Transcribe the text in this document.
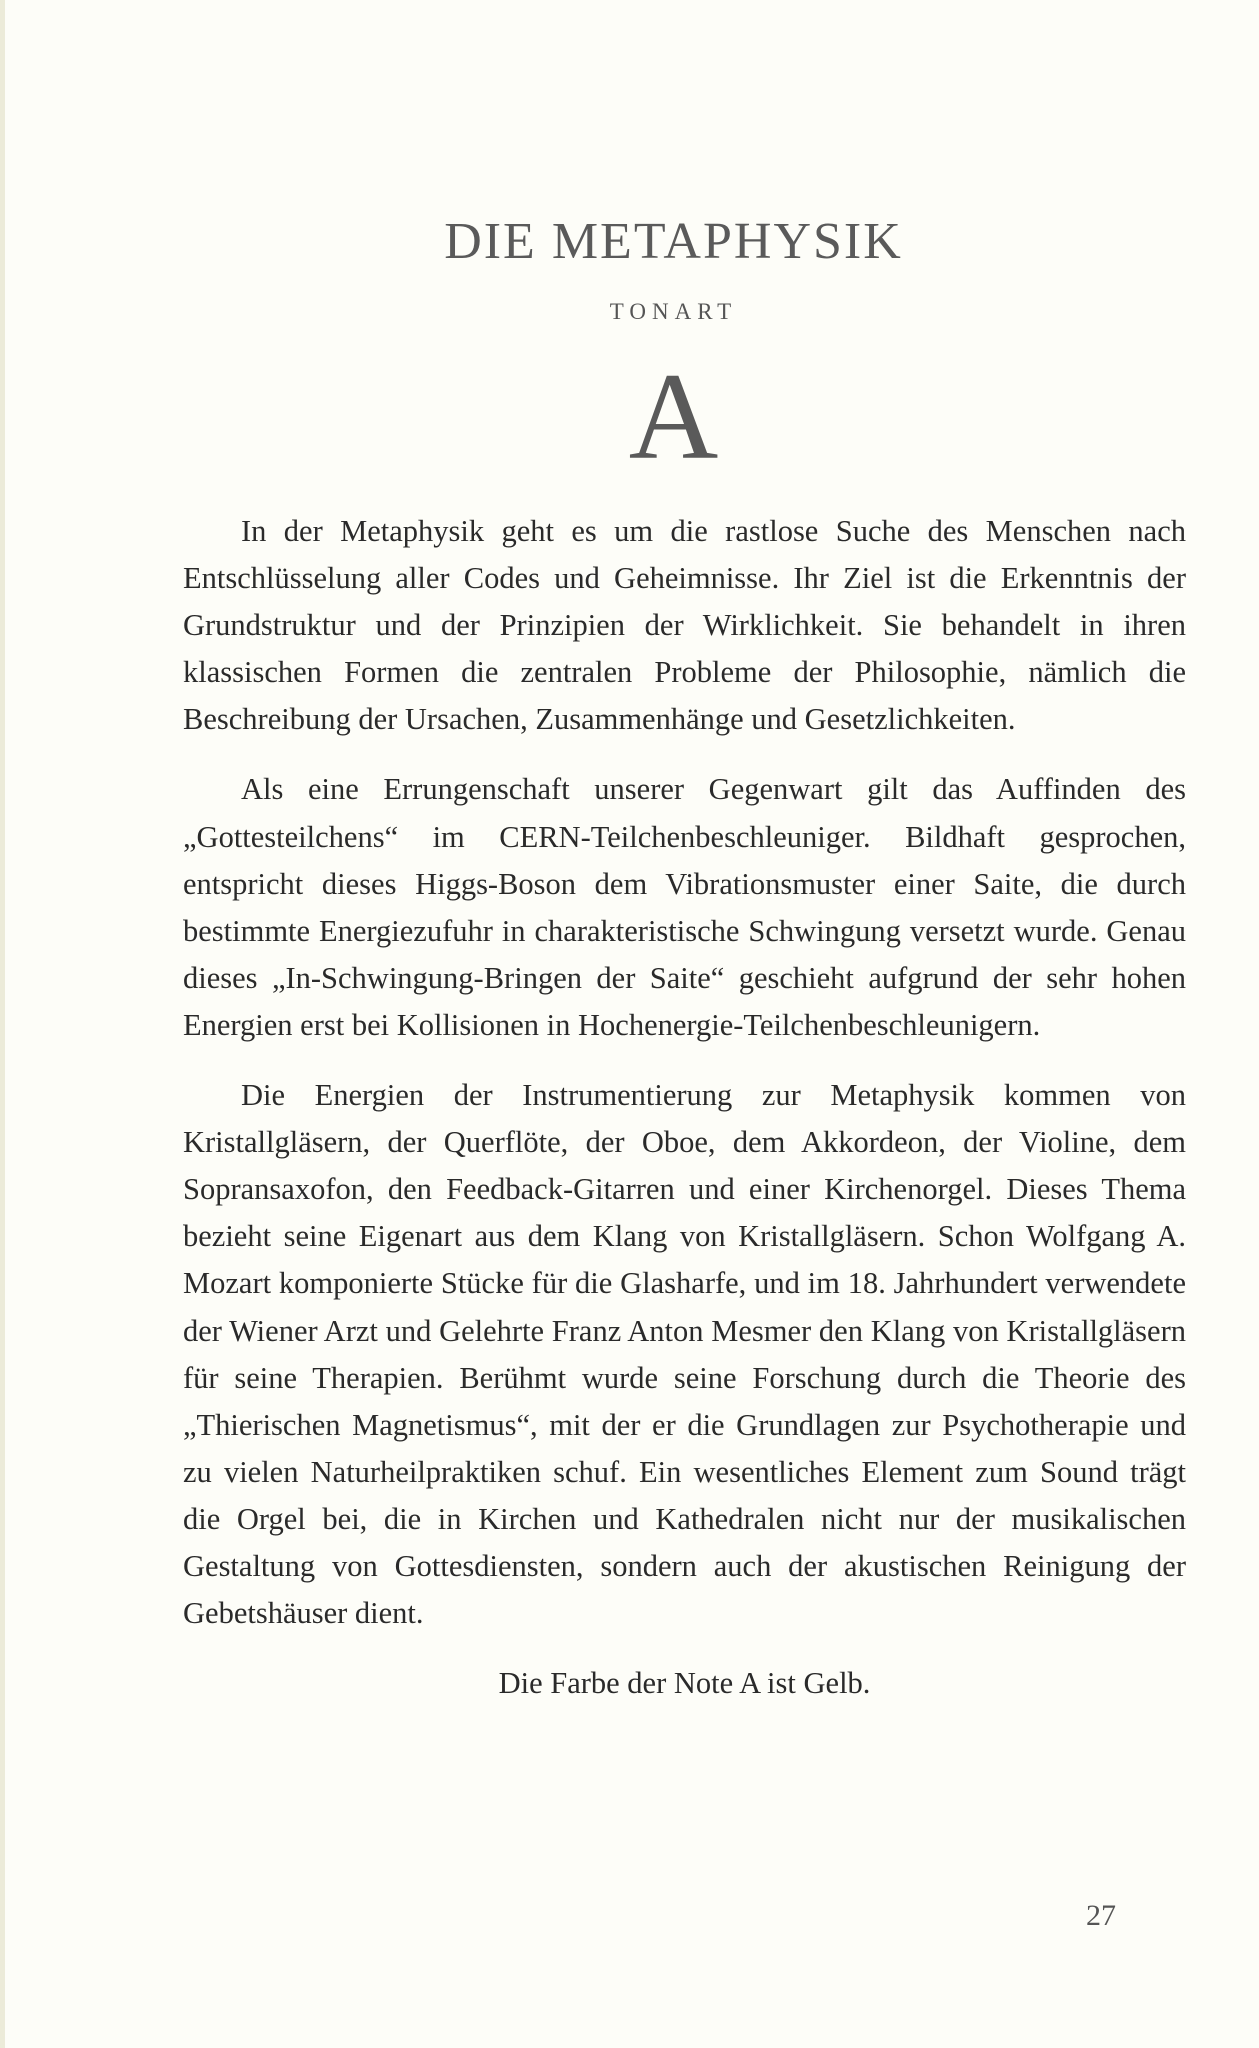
DIE METAPHYSIK
TONART
A

In der Metaphysik geht es um die rastlose Suche des Menschen nach Entschlüsselung aller Codes und Geheimnisse. Ihr Ziel ist die Erkenntnis der Grundstruktur und der Prinzipien der Wirklichkeit. Sie behandelt in ihren klassischen Formen die zentralen Probleme der Philosophie, nämlich die Beschreibung der Ursachen, Zusammenhänge und Gesetzlichkeiten.

Als eine Errungenschaft unserer Gegenwart gilt das Auffinden des „Gottesteilchens“ im CERN-Teilchenbeschleuniger. Bildhaft gesprochen, entspricht dieses Higgs-Boson dem Vibrationsmuster einer Saite, die durch bestimmte Energiezufuhr in charakteristische Schwingung versetzt wurde. Genau dieses „In-Schwingung-Bringen der Saite“ geschieht aufgrund der sehr hohen Energien erst bei Kollisionen in Hochenergie-Teilchenbeschleunigern.

Die Energien der Instrumentierung zur Metaphysik kommen von Kristallgläsern, der Querflöte, der Oboe, dem Akkordeon, der Violine, dem Sopransaxofon, den Feedback-Gitarren und einer Kirchenorgel. Dieses Thema bezieht seine Eigenart aus dem Klang von Kristallgläsern. Schon Wolfgang A. Mozart komponierte Stücke für die Glasharfe, und im 18. Jahrhundert verwendete der Wiener Arzt und Gelehrte Franz Anton Mesmer den Klang von Kristallgläsern für seine Therapien. Berühmt wurde seine Forschung durch die Theorie des „Thierischen Magnetismus“, mit der er die Grundlagen zur Psychotherapie und zu vielen Naturheilpraktiken schuf. Ein wesentliches Element zum Sound trägt die Orgel bei, die in Kirchen und Kathedralen nicht nur der musikalischen Gestaltung von Gottesdiensten, sondern auch der akustischen Reinigung der Gebetshäuser dient.

Die Farbe der Note A ist Gelb.

27
